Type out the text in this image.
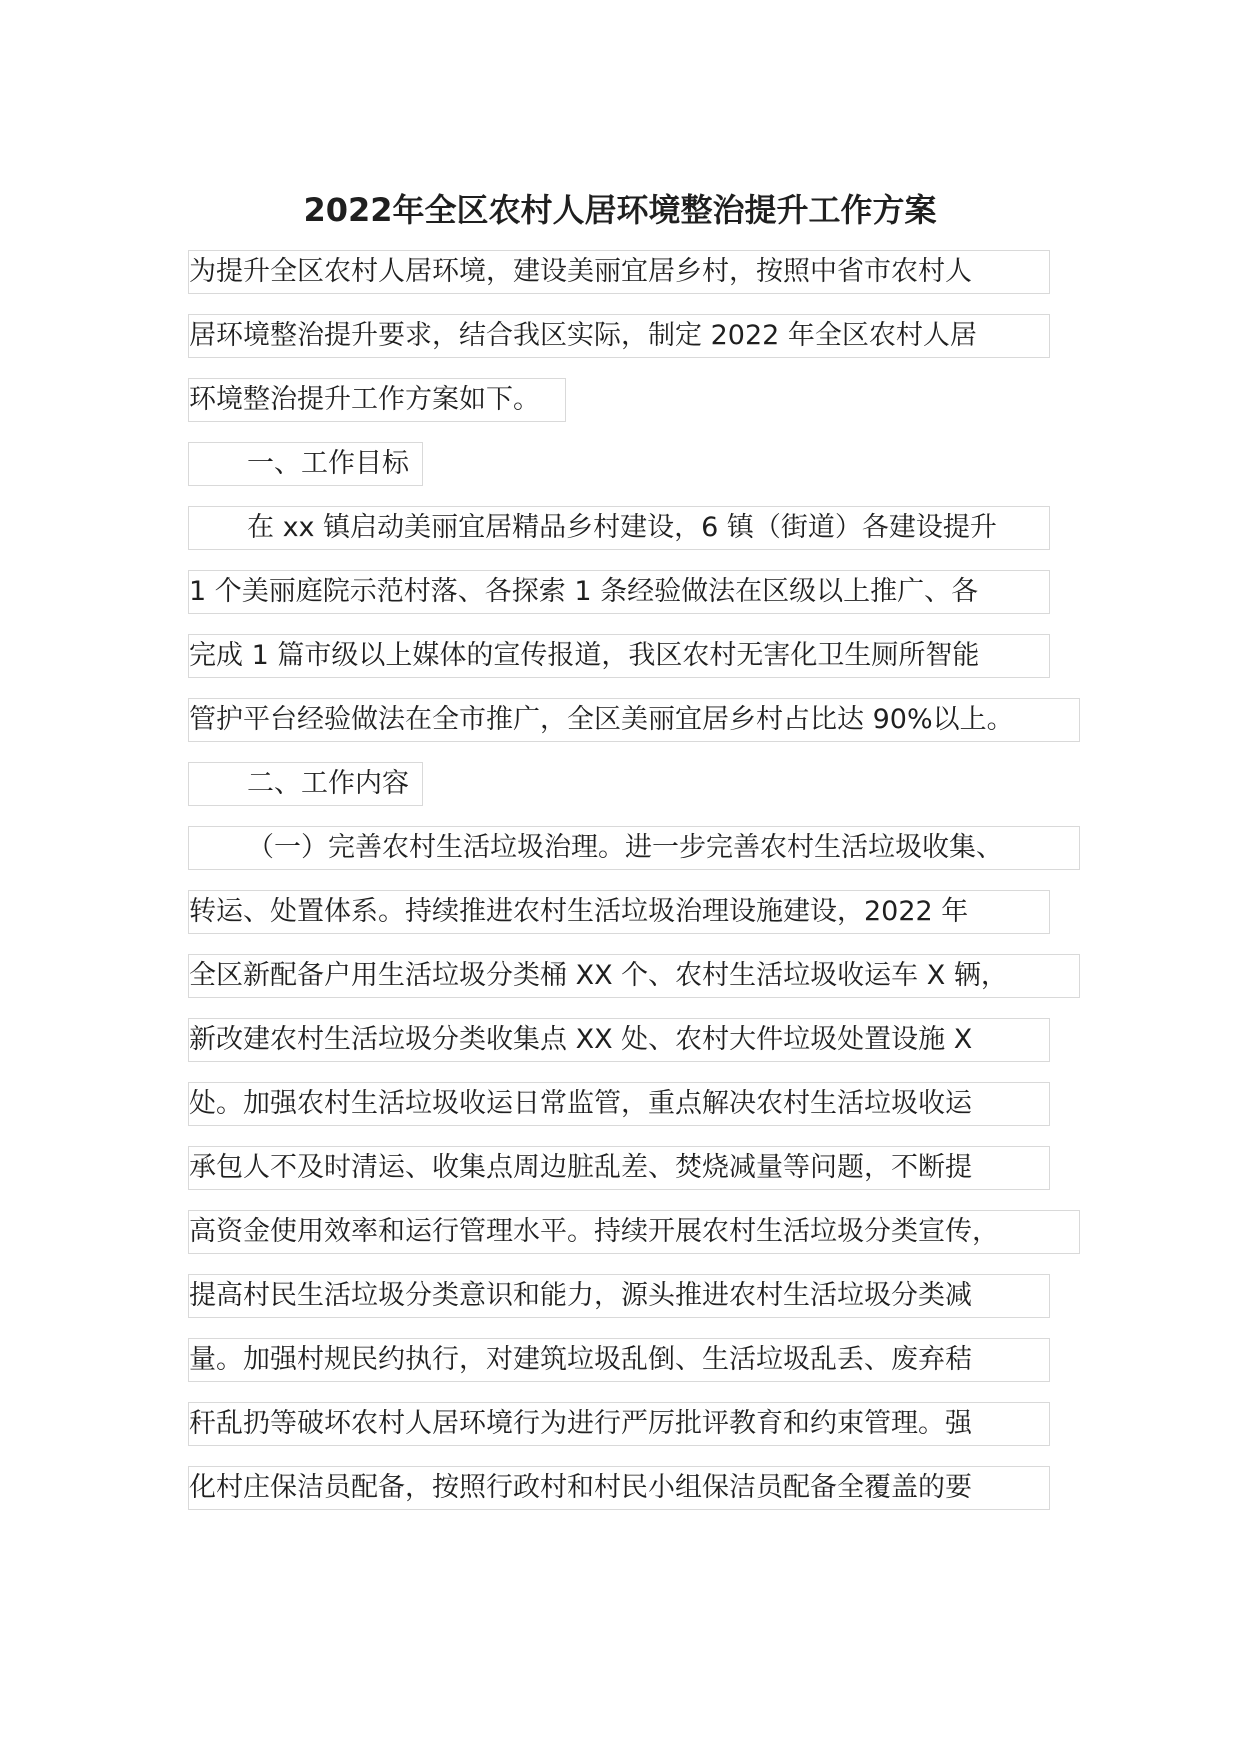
2022年全区农村人居环境整治提升工作方案
为提升全区农村人居环境，建设美丽宜居乡村，按照中省市农村人
居环境整治提升要求，结合我区实际，制定 2022 年全区农村人居
环境整治提升工作方案如下。
一、工作目标
在 xx 镇启动美丽宜居精品乡村建设，6 镇（街道）各建设提升
1 个美丽庭院示范村落、各探索 1 条经验做法在区级以上推广、各
完成 1 篇市级以上媒体的宣传报道，我区农村无害化卫生厕所智能
管护平台经验做法在全市推广，全区美丽宜居乡村占比达 90%以上。
二、工作内容
（一）完善农村生活垃圾治理。进一步完善农村生活垃圾收集、
转运、处置体系。持续推进农村生活垃圾治理设施建设，2022 年
全区新配备户用生活垃圾分类桶 XX 个、农村生活垃圾收运车 X 辆，
新改建农村生活垃圾分类收集点 XX 处、农村大件垃圾处置设施 X
处。加强农村生活垃圾收运日常监管，重点解决农村生活垃圾收运
承包人不及时清运、收集点周边脏乱差、焚烧减量等问题，不断提
高资金使用效率和运行管理水平。持续开展农村生活垃圾分类宣传，
提高村民生活垃圾分类意识和能力，源头推进农村生活垃圾分类减
量。加强村规民约执行，对建筑垃圾乱倒、生活垃圾乱丢、废弃秸
秆乱扔等破坏农村人居环境行为进行严厉批评教育和约束管理。强
化村庄保洁员配备，按照行政村和村民小组保洁员配备全覆盖的要
